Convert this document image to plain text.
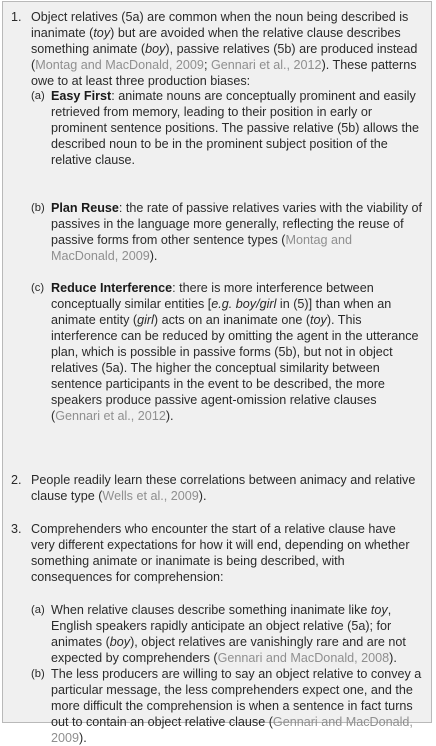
1. Object relatives (5a) are common when the noun being described is
inanimate (toy) but are avoided when the relative clause describes
something animate (boy), passive relatives (5b) are produced instead
(Montag and MacDonald, 2009; Gennari et al., 2012). These patterns
owe to at least three production biases:
(a) Easy First: animate nouns are conceptually prominent and easily
retrieved from memory, leading to their position in early or
prominent sentence positions. The passive relative (5b) allows the
described noun to be in the prominent subject position of the
relative clause.
(b) Plan Reuse: the rate of passive relatives varies with the viability of
passives in the language more generally, reflecting the reuse of
passive forms from other sentence types (Montag and
MacDonald, 2009).
(c) Reduce Interference: there is more interference between
conceptually similar entities [e.g. boy/girl in (5)] than when an
animate entity (girl) acts on an inanimate one (toy). This
interference can be reduced by omitting the agent in the utterance
plan, which is possible in passive forms (5b), but not in object
relatives (5a). The higher the conceptual similarity between
sentence participants in the event to be described, the more
speakers produce passive agent-omission relative clauses
(Gennari et al., 2012).
2. People readily learn these correlations between animacy and relative
clause type (Wells et al., 2009).
3. Comprehenders who encounter the start of a relative clause have
very different expectations for how it will end, depending on whether
something animate or inanimate is being described, with
consequences for comprehension:
(a) When relative clauses describe something inanimate like toy,
English speakers rapidly anticipate an object relative (5a); for
animates (boy), object relatives are vanishingly rare and are not
expected by comprehenders (Gennari and MacDonald, 2008).
(b) The less producers are willing to say an object relative to convey a
particular message, the less comprehenders expect one, and the
more difficult the comprehension is when a sentence in fact turns
out to contain an object relative clause (Gennari and MacDonald,
2009).
